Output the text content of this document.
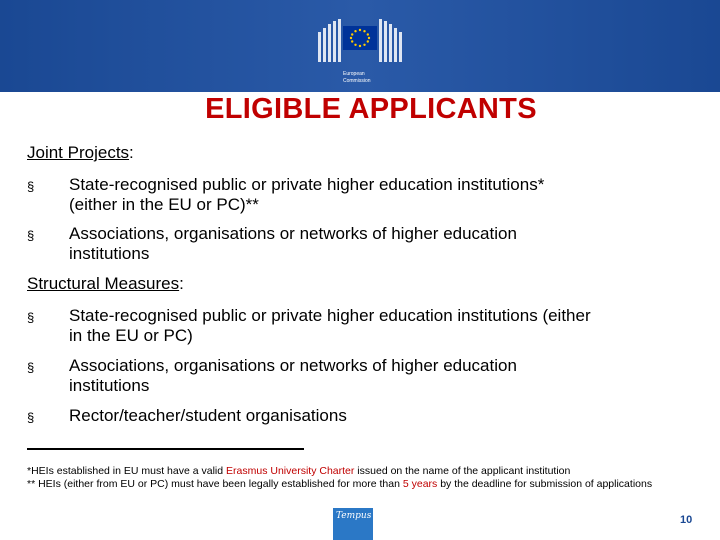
European
Commission
ELIGIBLE APPLICANTS
Joint Projects:
§ State-recognised public or private higher education institutions*
(either in the EU or PC)**
§ Associations, organisations or networks of higher education
institutions
Structural Measures:
§ State-recognised public or private higher education institutions (either
in the EU or PC)
§ Associations, organisations or networks of higher education
institutions
§ Rector/teacher/student organisations
*HEIs established in EU must have a valid Erasmus University Charter issued on the name of the applicant institution
** HEIs (either from EU or PC) must have been legally established for more than 5 years by the deadline for submission of applications
Tempus	10
